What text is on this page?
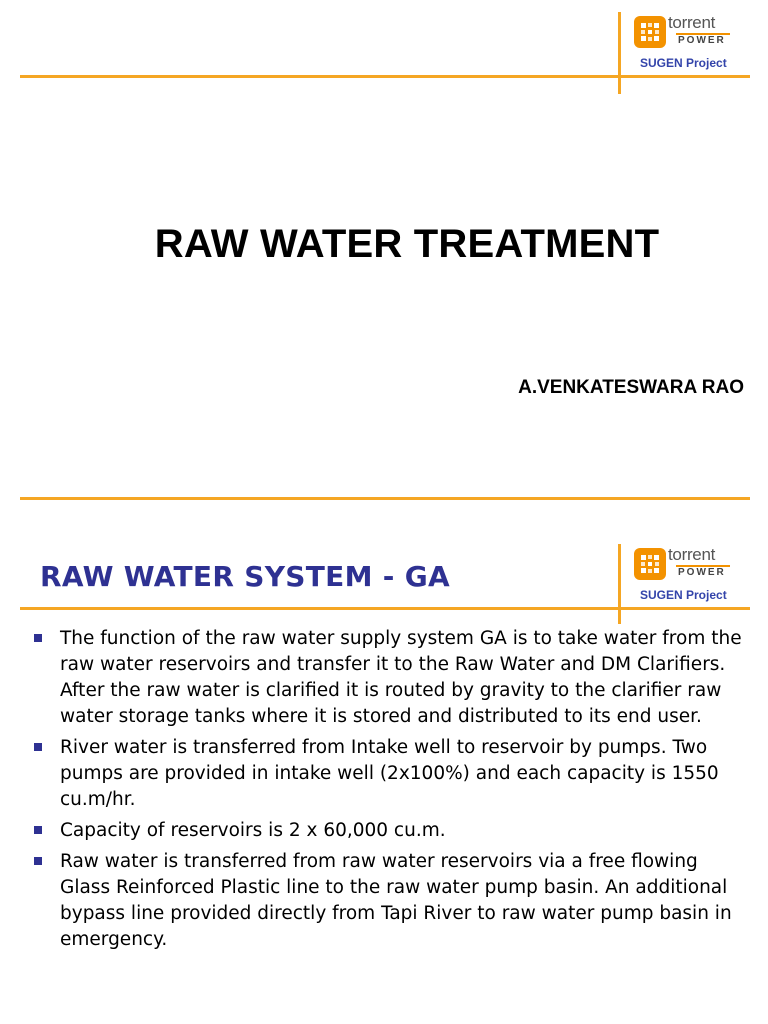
torrent
POWER
SUGEN Project
RAW WATER TREATMENT

A.VENKATESWARA RAO

torrent
POWER
SUGEN Project
RAW WATER SYSTEM - GA
The function of the raw water supply system GA is to take water from the raw water reservoirs and transfer it to the Raw Water and DM Clarifiers. After the raw water is clarified it is routed by gravity to the clarifier raw water storage tanks where it is stored and distributed to its end user.
River water is transferred from Intake well to reservoir by pumps. Two pumps are provided in intake well (2x100%) and each capacity is 1550 cu.m/hr.
Capacity of reservoirs is 2 x 60,000 cu.m.
Raw water is transferred from raw water reservoirs via a free flowing Glass Reinforced Plastic line to the raw water pump basin. An additional bypass line provided directly from Tapi River to raw water pump basin in emergency.
